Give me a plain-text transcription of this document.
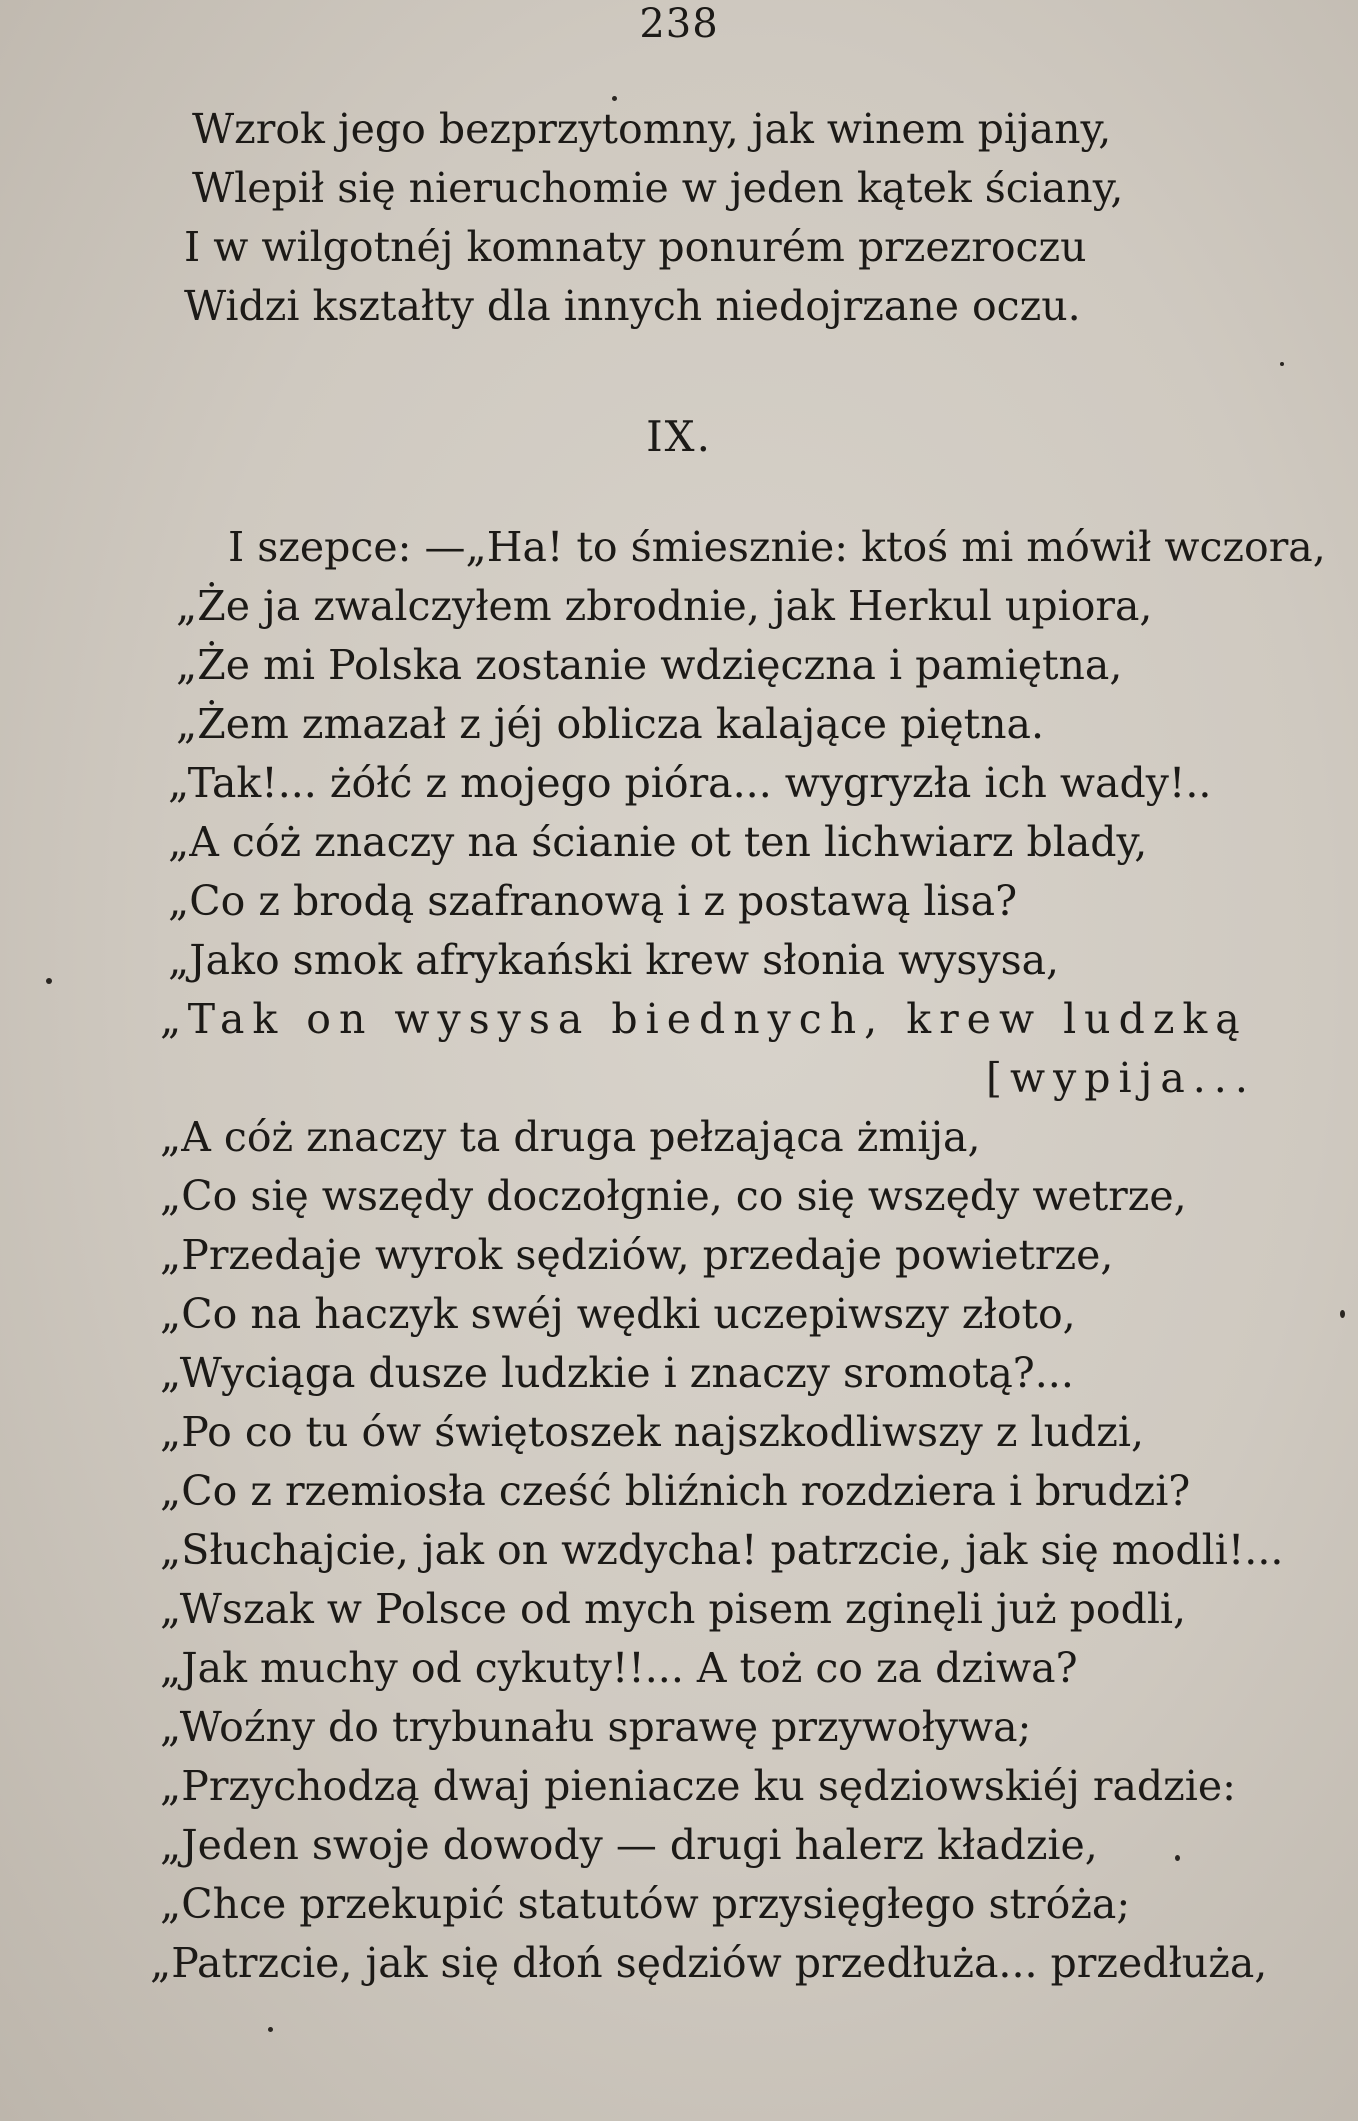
238
Wzrok jego bezprzytomny, jak winem pijany,
Wlepił się nieruchomie w jeden kątek ściany,
I w wilgotnéj komnaty ponurém przezroczu
Widzi kształty dla innych niedojrzane oczu.
IX.
I szepce: —„Ha! to śmiesznie: ktoś mi mówił wczora,
„Że ja zwalczyłem zbrodnie, jak Herkul upiora,
„Że mi Polska zostanie wdzięczna i pamiętna,
„Żem zmazał z jéj oblicza kalające piętna.
„Tak!... żółć z mojego pióra... wygryzła ich wady!..
„A cóż znaczy na ścianie ot ten lichwiarz blady,
„Co z brodą szafranową i z postawą lisa?
„Jako smok afrykański krew słonia wysysa,
„Tak on wysysa biednych, krew ludzką
[wypija...
„A cóż znaczy ta druga pełzająca żmija,
„Co się wszędy doczołgnie, co się wszędy wetrze,
„Przedaje wyrok sędziów, przedaje powietrze,
„Co na haczyk swéj wędki uczepiwszy złoto,
„Wyciąga dusze ludzkie i znaczy sromotą?...
„Po co tu ów świętoszek najszkodliwszy z ludzi,
„Co z rzemiosła cześć bliźnich rozdziera i brudzi?
„Słuchajcie, jak on wzdycha! patrzcie, jak się modli!...
„Wszak w Polsce od mych pisem zginęli już podli,
„Jak muchy od cykuty!!... A toż co za dziwa?
„Woźny do trybunału sprawę przywoływa;
„Przychodzą dwaj pieniacze ku sędziowskiéj radzie:
„Jeden swoje dowody — drugi halerz kładzie,
„Chce przekupić statutów przysięgłego stróża;
„Patrzcie, jak się dłoń sędziów przedłuża... przedłuża,
